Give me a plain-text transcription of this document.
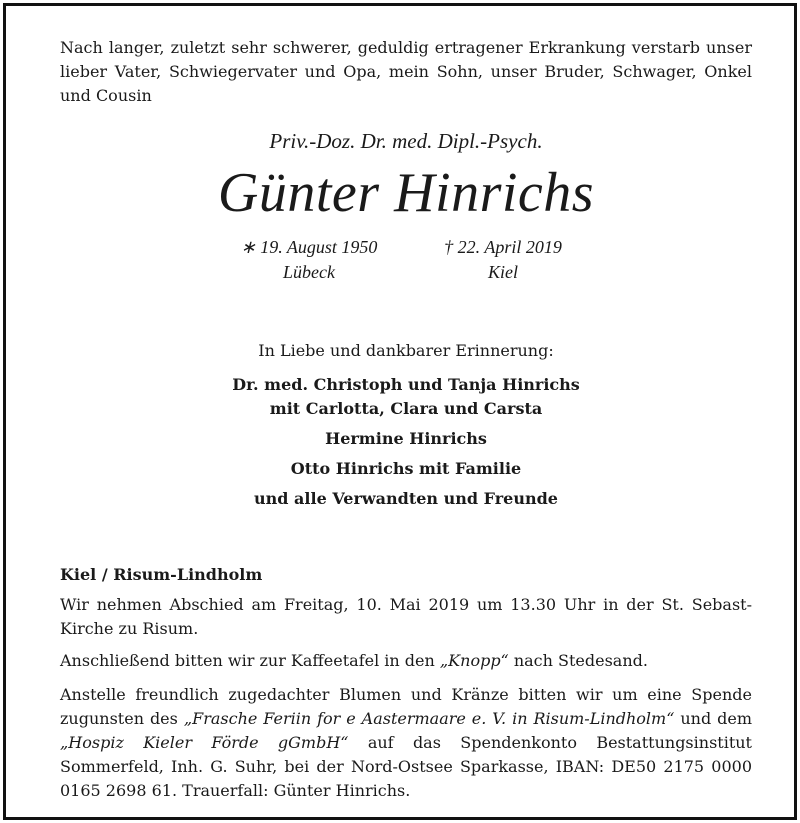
Nach langer, zuletzt sehr schwerer, geduldig ertragener Erkrankung verstarb unser lieber Vater, Schwiegervater und Opa, mein Sohn, unser Bruder, Schwager, Onkel und Cousin

Priv.-Doz. Dr. med. Dipl.-Psych.

Günter Hinrichs

∗ 19. August 1950
Lübeck
† 22. April 2019
Kiel

In Liebe und dankbarer Erinnerung:

Dr. med. Christoph und Tanja Hinrichs
mit Carlotta, Clara und Carsta
Hermine Hinrichs
Otto Hinrichs mit Familie
und alle Verwandten und Freunde

Kiel / Risum-Lindholm

Wir nehmen Abschied am Freitag, 10. Mai 2019 um 13.30 Uhr in der St. Sebast-Kirche zu Risum.

Anschließend bitten wir zur Kaffeetafel in den „Knopp“ nach Stedesand.

Anstelle freundlich zugedachter Blumen und Kränze bitten wir um eine Spende zugunsten des „Frasche Feriin for e Aastermaare e. V. in Risum-Lindholm“ und dem „Hospiz Kieler Förde gGmbH“ auf das Spendenkonto Bestattungsinstitut Sommerfeld, Inh. G. Suhr, bei der Nord-Ostsee Sparkasse, IBAN: DE50 2175 0000 0165 2698 61. Trauerfall: Günter Hinrichs.
